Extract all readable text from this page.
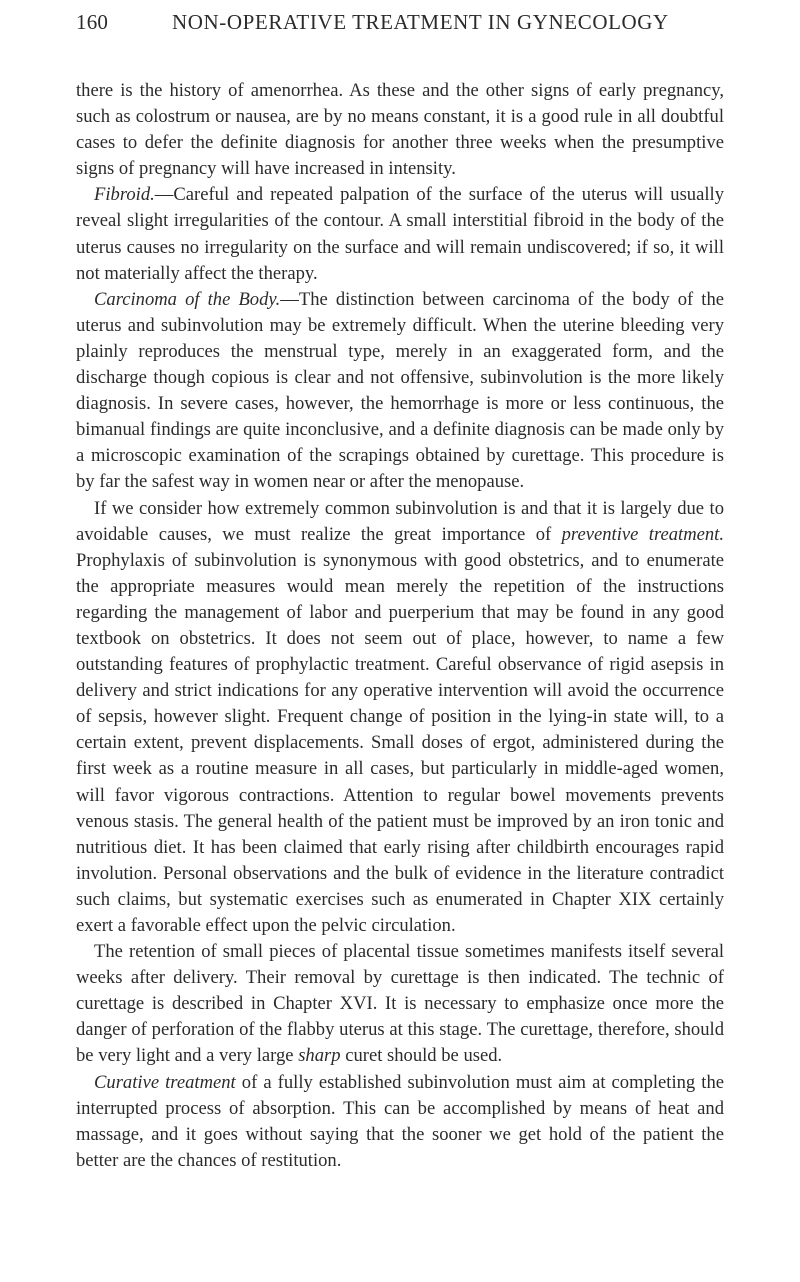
160	NON-OPERATIVE TREATMENT IN GYNECOLOGY

there is the history of amenorrhea. As these and the other signs of early pregnancy, such as colostrum or nausea, are by no means constant, it is a good rule in all doubtful cases to defer the definite diagnosis for another three weeks when the presumptive signs of pregnancy will have increased in intensity.

Fibroid.—Careful and repeated palpation of the surface of the uterus will usually reveal slight irregularities of the contour. A small interstitial fibroid in the body of the uterus causes no irregularity on the surface and will remain undiscovered; if so, it will not materially affect the therapy.

Carcinoma of the Body.—The distinction between carcinoma of the body of the uterus and subinvolution may be extremely difficult. When the uterine bleeding very plainly reproduces the menstrual type, merely in an exaggerated form, and the discharge though copious is clear and not offensive, subinvolution is the more likely diagnosis. In severe cases, however, the hemorrhage is more or less continuous, the bimanual findings are quite inconclusive, and a definite diagnosis can be made only by a microscopic examination of the scrapings obtained by curettage. This procedure is by far the safest way in women near or after the menopause.

If we consider how extremely common subinvolution is and that it is largely due to avoidable causes, we must realize the great importance of preventive treatment. Prophylaxis of subinvolution is synonymous with good obstetrics, and to enumerate the appropriate measures would mean merely the repetition of the instructions regarding the management of labor and puerperium that may be found in any good textbook on obstetrics. It does not seem out of place, however, to name a few outstanding features of prophylactic treatment. Careful observance of rigid asepsis in delivery and strict indications for any operative intervention will avoid the occurrence of sepsis, however slight. Frequent change of position in the lying-in state will, to a certain extent, prevent displacements. Small doses of ergot, administered during the first week as a routine measure in all cases, but particularly in middle-aged women, will favor vigorous contractions. Attention to regular bowel movements prevents venous stasis. The general health of the patient must be improved by an iron tonic and nutritious diet. It has been claimed that early rising after childbirth encourages rapid involution. Personal observations and the bulk of evidence in the literature contradict such claims, but systematic exercises such as enumerated in Chapter XIX certainly exert a favorable effect upon the pelvic circulation.

The retention of small pieces of placental tissue sometimes manifests itself several weeks after delivery. Their removal by curettage is then indicated. The technic of curettage is described in Chapter XVI. It is necessary to emphasize once more the danger of perforation of the flabby uterus at this stage. The curettage, therefore, should be very light and a very large sharp curet should be used.

Curative treatment of a fully established subinvolution must aim at completing the interrupted process of absorption. This can be accomplished by means of heat and massage, and it goes without saying that the sooner we get hold of the patient the better are the chances of restitution.
